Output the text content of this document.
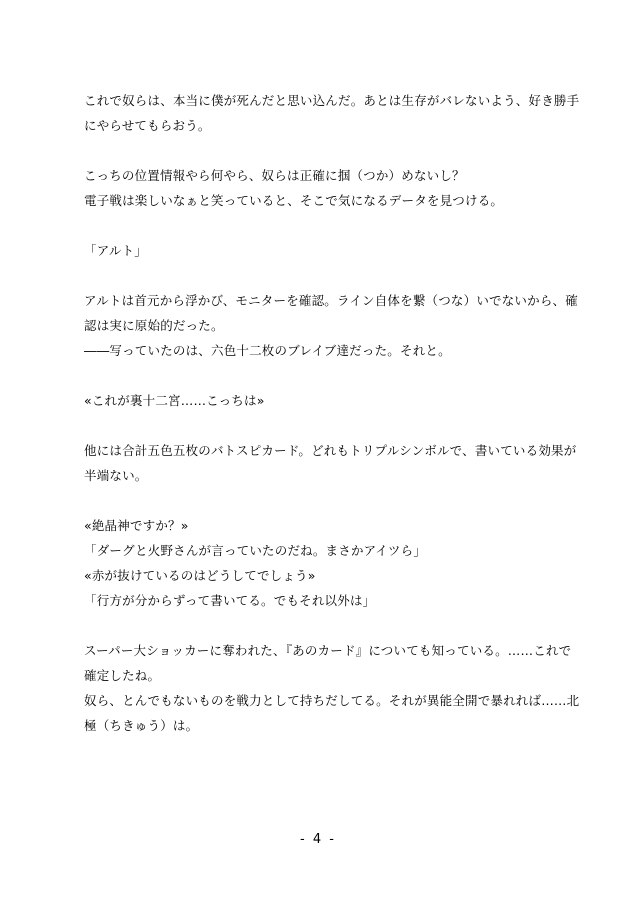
これで奴らは、本当に僕が死んだと思い込んだ。あとは生存がバレないよう、好き勝手
にやらせてもらおう。
こっちの位置情報やら何やら、奴らは正確に掴（つか）めないし？
電子戦は楽しいなぁと笑っていると、そこで気になるデータを見つける。
「アルト」
アルトは首元から浮かび、モニターを確認。ライン自体を繋（つな）いでないから、確
認は実に原始的だった。
――写っていたのは、六色十二枚のブレイブ達だった。それと。
«これが裏十二宮……こっちは»
他には合計五色五枚のバトスピカード。どれもトリプルシンボルで、書いている効果が
半端ない。
«絶晶神ですか？»
「ダーグと火野さんが言っていたのだね。まさかアイツら」
«赤が抜けているのはどうしてでしょう»
「行方が分からずって書いてる。でもそれ以外は」
スーパー大ショッカーに奪われた、『あのカード』についても知っている。……これで
確定したね。
奴ら、とんでもないものを戦力として持ちだしてる。それが異能全開で暴れれば……北
極（ちきゅう）は。
- 4 -
